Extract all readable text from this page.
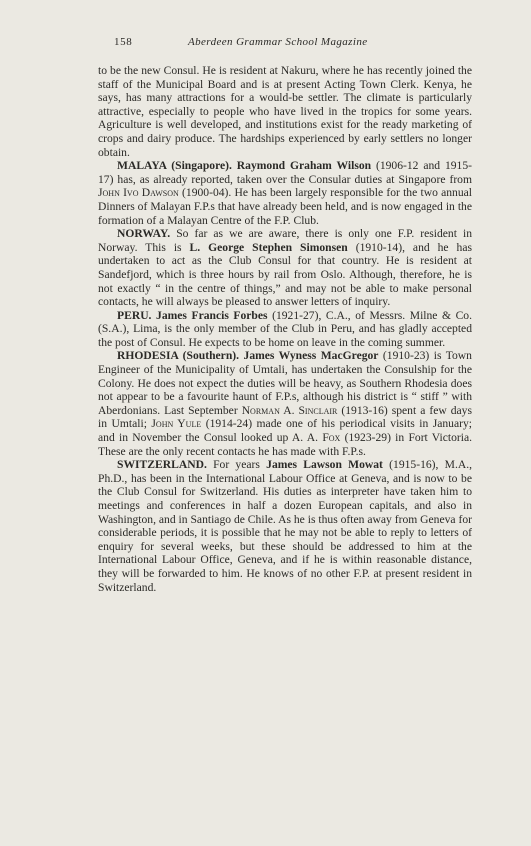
158	Aberdeen Grammar School Magazine

to be the new Consul. He is resident at Nakuru, where he has recently joined the staff of the Municipal Board and is at present Acting Town Clerk. Kenya, he says, has many attractions for a would-be settler. The climate is particularly attractive, especially to people who have lived in the tropics for some years. Agriculture is well developed, and institutions exist for the ready marketing of crops and dairy produce. The hardships experienced by early settlers no longer obtain.

MALAYA (Singapore). Raymond Graham Wilson (1906-12 and 1915-17) has, as already reported, taken over the Consular duties at Singapore from John Ivo Dawson (1900-04). He has been largely responsible for the two annual Dinners of Malayan F.P.s that have already been held, and is now engaged in the formation of a Malayan Centre of the F.P. Club.

NORWAY. So far as we are aware, there is only one F.P. resident in Norway. This is L. George Stephen Simonsen (1910-14), and he has undertaken to act as the Club Consul for that country. He is resident at Sandefjord, which is three hours by rail from Oslo. Although, therefore, he is not exactly “ in the centre of things,” and may not be able to make personal contacts, he will always be pleased to answer letters of inquiry.

PERU. James Francis Forbes (1921-27), C.A., of Messrs. Milne & Co. (S.A.), Lima, is the only member of the Club in Peru, and has gladly accepted the post of Consul. He expects to be home on leave in the coming summer.

RHODESIA (Southern). James Wyness MacGregor (1910-23) is Town Engineer of the Municipality of Umtali, has undertaken the Consulship for the Colony. He does not expect the duties will be heavy, as Southern Rhodesia does not appear to be a favourite haunt of F.P.s, although his district is “ stiff ” with Aberdonians. Last September Norman A. Sinclair (1913-16) spent a few days in Umtali; John Yule (1914-24) made one of his periodical visits in January; and in November the Consul looked up A. A. Fox (1923-29) in Fort Victoria. These are the only recent contacts he has made with F.P.s.

SWITZERLAND. For years James Lawson Mowat (1915-16), M.A., Ph.D., has been in the International Labour Office at Geneva, and is now to be the Club Consul for Switzerland. His duties as interpreter have taken him to meetings and conferences in half a dozen European capitals, and also in Washington, and in Santiago de Chile. As he is thus often away from Geneva for considerable periods, it is possible that he may not be able to reply to letters of enquiry for several weeks, but these should be addressed to him at the International Labour Office, Geneva, and if he is within reasonable distance, they will be forwarded to him. He knows of no other F.P. at present resident in Switzerland.
